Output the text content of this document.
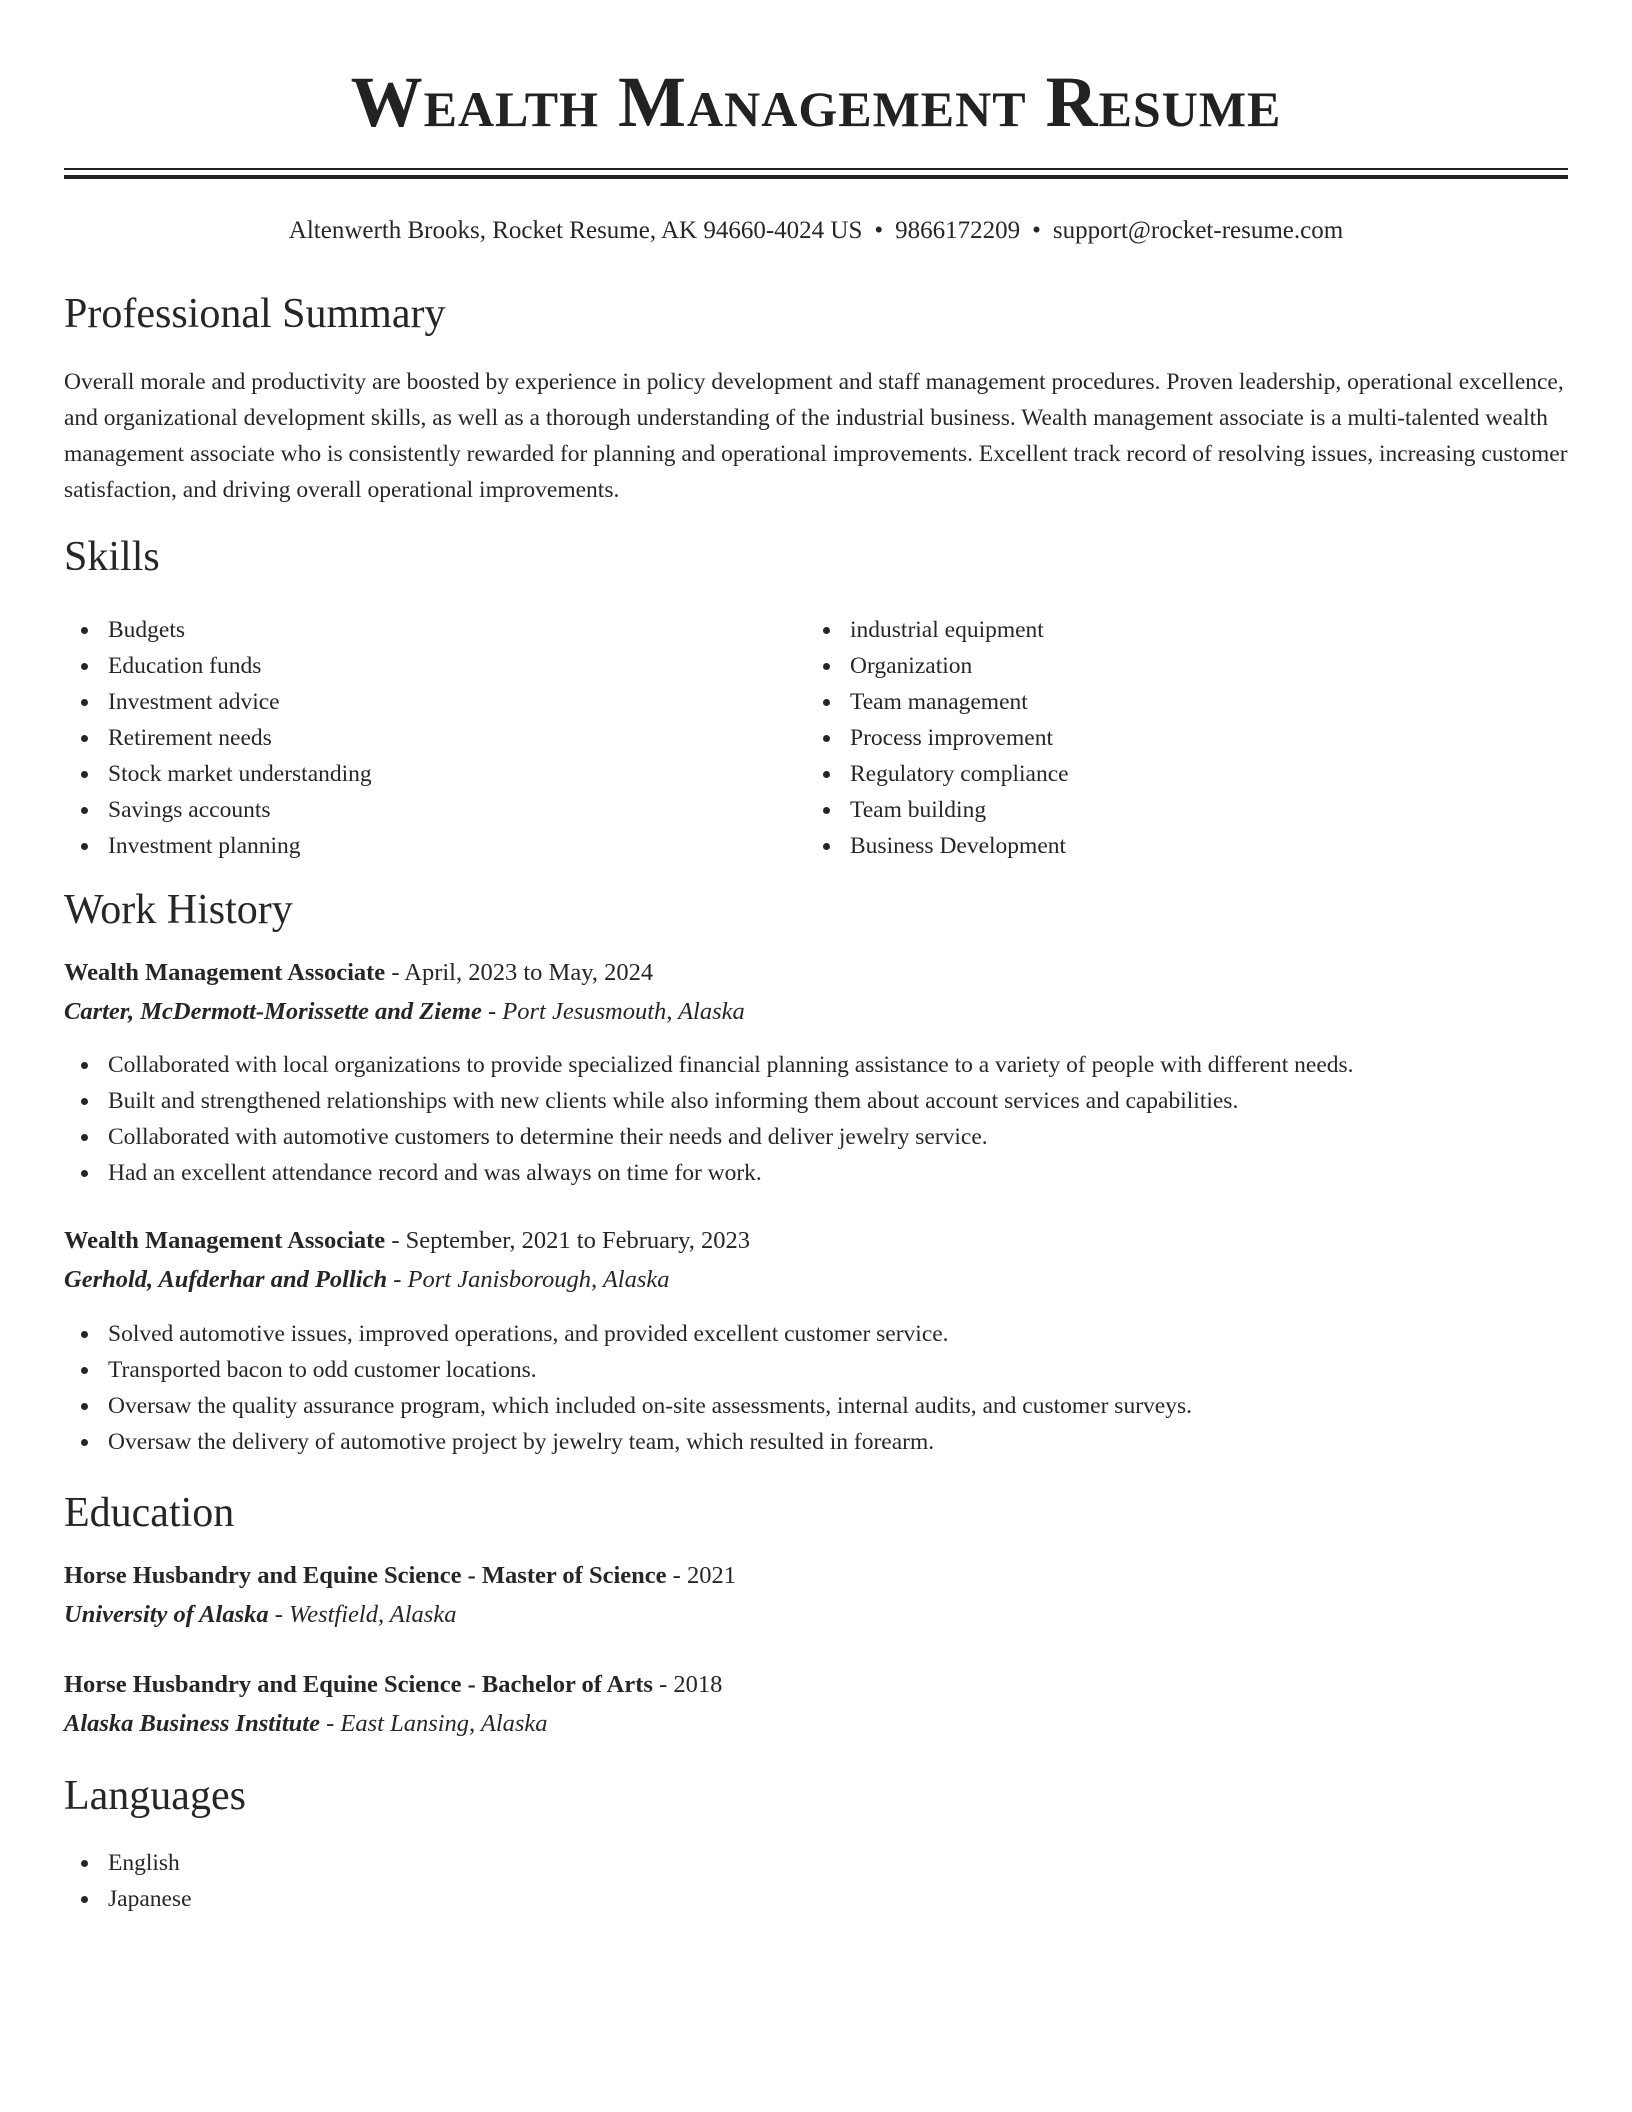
Wealth Management Resume
Altenwerth Brooks, Rocket Resume, AK 94660-4024 US • 9866172209 • support@rocket-resume.com
Professional Summary

Overall morale and productivity are boosted by experience in policy development and staff management procedures. Proven leadership, operational excellence, and organizational development skills, as well as a thorough understanding of the industrial business. Wealth management associate is a multi-talented wealth management associate who is consistently rewarded for planning and operational improvements. Excellent track record of resolving issues, increasing customer satisfaction, and driving overall operational improvements.

Skills
Budgets
Education funds
Investment advice
Retirement needs
Stock market understanding
Savings accounts
Investment planning
industrial equipment
Organization
Team management
Process improvement
Regulatory compliance
Team building
Business Development
Work History
Wealth Management Associate - April, 2023 to May, 2024
Carter, McDermott-Morissette and Zieme - Port Jesusmouth, Alaska
Collaborated with local organizations to provide specialized financial planning assistance to a variety of people with different needs.
Built and strengthened relationships with new clients while also informing them about account services and capabilities.
Collaborated with automotive customers to determine their needs and deliver jewelry service.
Had an excellent attendance record and was always on time for work.
Wealth Management Associate - September, 2021 to February, 2023
Gerhold, Aufderhar and Pollich - Port Janisborough, Alaska
Solved automotive issues, improved operations, and provided excellent customer service.
Transported bacon to odd customer locations.
Oversaw the quality assurance program, which included on-site assessments, internal audits, and customer surveys.
Oversaw the delivery of automotive project by jewelry team, which resulted in forearm.
Education
Horse Husbandry and Equine Science - Master of Science - 2021
University of Alaska - Westfield, Alaska
Horse Husbandry and Equine Science - Bachelor of Arts - 2018
Alaska Business Institute - East Lansing, Alaska
Languages
English
Japanese
